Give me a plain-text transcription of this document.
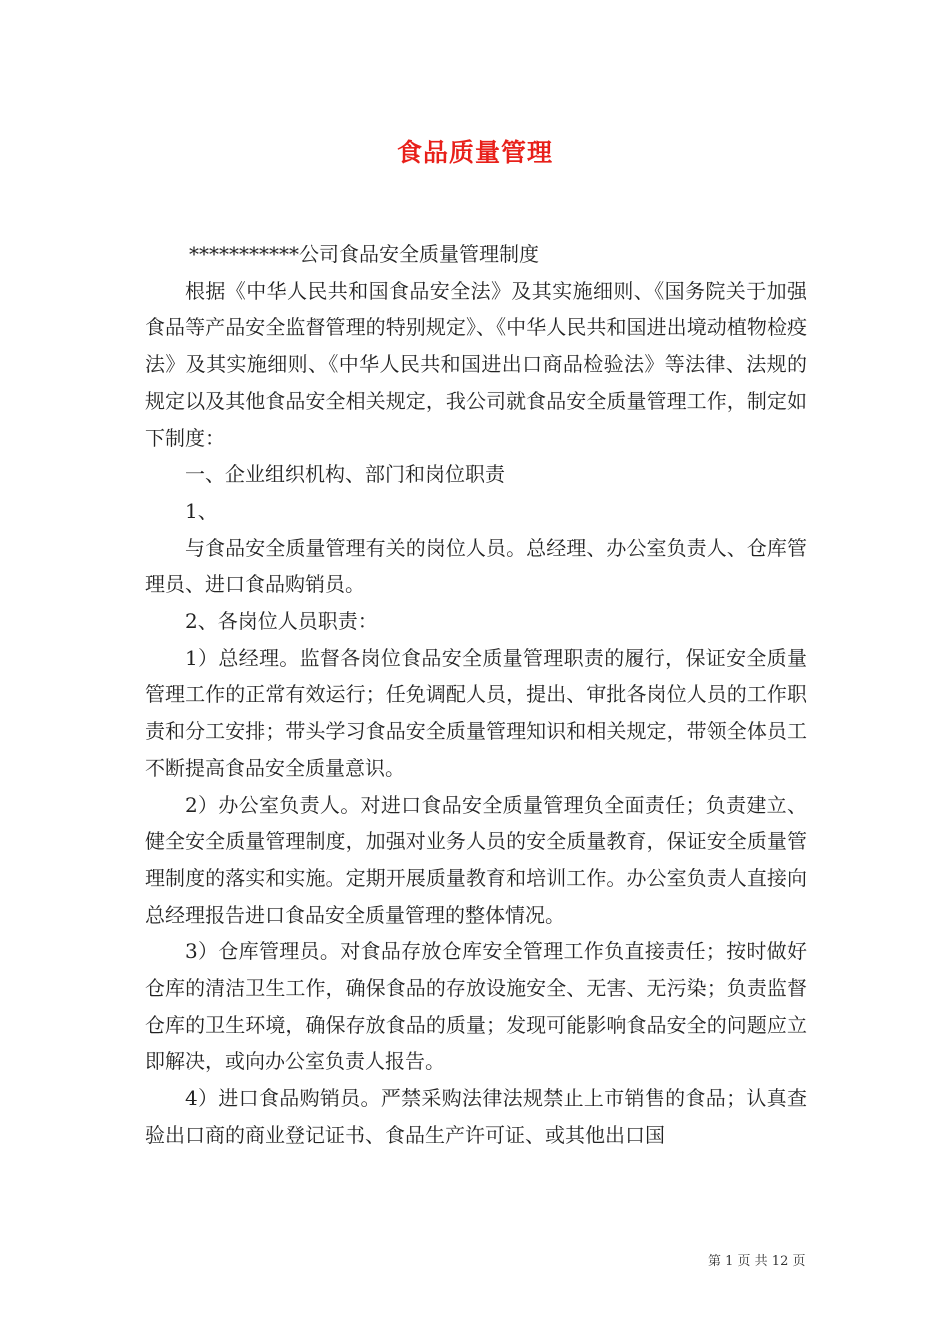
食品质量管理

***********公司食品安全质量管理制度

根据《中华人民共和国食品安全法》及其实施细则、《国务院关于加强食品等产品安全监督管理的特别规定》、《中华人民共和国进出境动植物检疫法》及其实施细则、《中华人民共和国进出口商品检验法》等法律、法规的规定以及其他食品安全相关规定，我公司就食品安全质量管理工作，制定如下制度：

一、企业组织机构、部门和岗位职责

1、

与食品安全质量管理有关的岗位人员。总经理、办公室负责人、仓库管理员、进口食品购销员。

2、各岗位人员职责：

1）总经理。监督各岗位食品安全质量管理职责的履行，保证安全质量管理工作的正常有效运行；任免调配人员，提出、审批各岗位人员的工作职责和分工安排；带头学习食品安全质量管理知识和相关规定，带领全体员工不断提高食品安全质量意识。

2）办公室负责人。对进口食品安全质量管理负全面责任；负责建立、健全安全质量管理制度，加强对业务人员的安全质量教育，保证安全质量管理制度的落实和实施。定期开展质量教育和培训工作。办公室负责人直接向总经理报告进口食品安全质量管理的整体情况。

3）仓库管理员。对食品存放仓库安全管理工作负直接责任；按时做好仓库的清洁卫生工作，确保食品的存放设施安全、无害、无污染；负责监督仓库的卫生环境，确保存放食品的质量；发现可能影响食品安全的问题应立即解决，或向办公室负责人报告。

4）进口食品购销员。严禁采购法律法规禁止上市销售的食品；认真查验出口商的商业登记证书、食品生产许可证、或其他出口国

第 1 页 共 12 页
